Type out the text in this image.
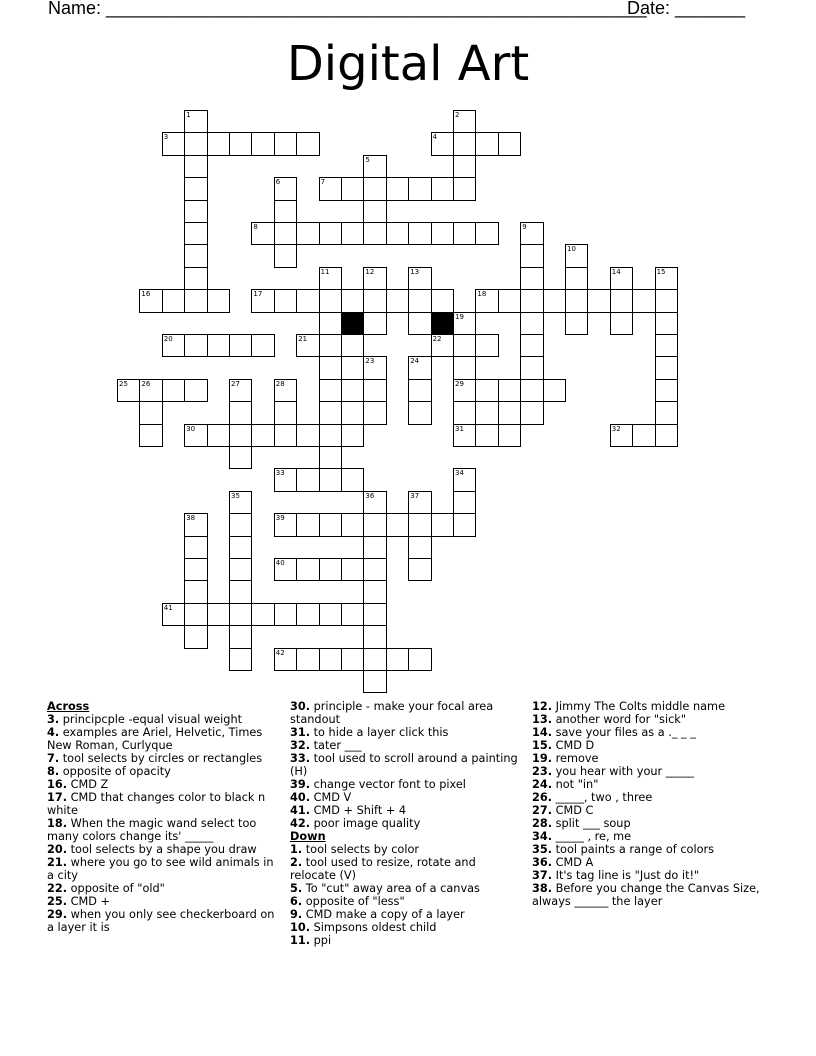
Name: ______________________________________________________
Date: _______
Digital Art
1	2
3	4
5
6	7
8	9
10
11	12	13	14	15
16	17	18
19
29
31
20	21	22
23	24
25 26	27	28
30	32
33	34
35	36	37
38	39
40
41
42
Across
3. principcple -equal visual weight
4. examples are Ariel, Helvetic, Times New Roman, Curlyque
7. tool selects by circles or rectangles
8. opposite of opacity
16. CMD Z
17. CMD that changes color to black n white
18. When the magic wand select too many colors change its' _____
20. tool selects by a shape you draw
21. where you go to see wild animals in a city
22. opposite of "old"
25. CMD +
29. when you only see checkerboard on a layer it is
30. principle - make your focal area standout
31. to hide a layer click this
32. tater ___
33. tool used to scroll around a painting (H)
39. change vector font to pixel
40. CMD V
41. CMD + Shift + 4
42. poor image quality
Down
1. tool selects by color
2. tool used to resize, rotate and relocate (V)
5. To "cut" away area of a canvas
6. opposite of "less"
9. CMD make a copy of a layer
10. Simpsons oldest child
11. ppi
12. Jimmy The Colts middle name
13. another word for "sick"
14. save your files as a ._ _ _
15. CMD D
19. remove
23. you hear with your _____
24. not "in"
26. _____, two , three
27. CMD C
28. split ___ soup
34. _____ , re, me
35. tool paints a range of colors
36. CMD A
37. It's tag line is "Just do it!"
38. Before you change the Canvas Size, always ______ the layer
